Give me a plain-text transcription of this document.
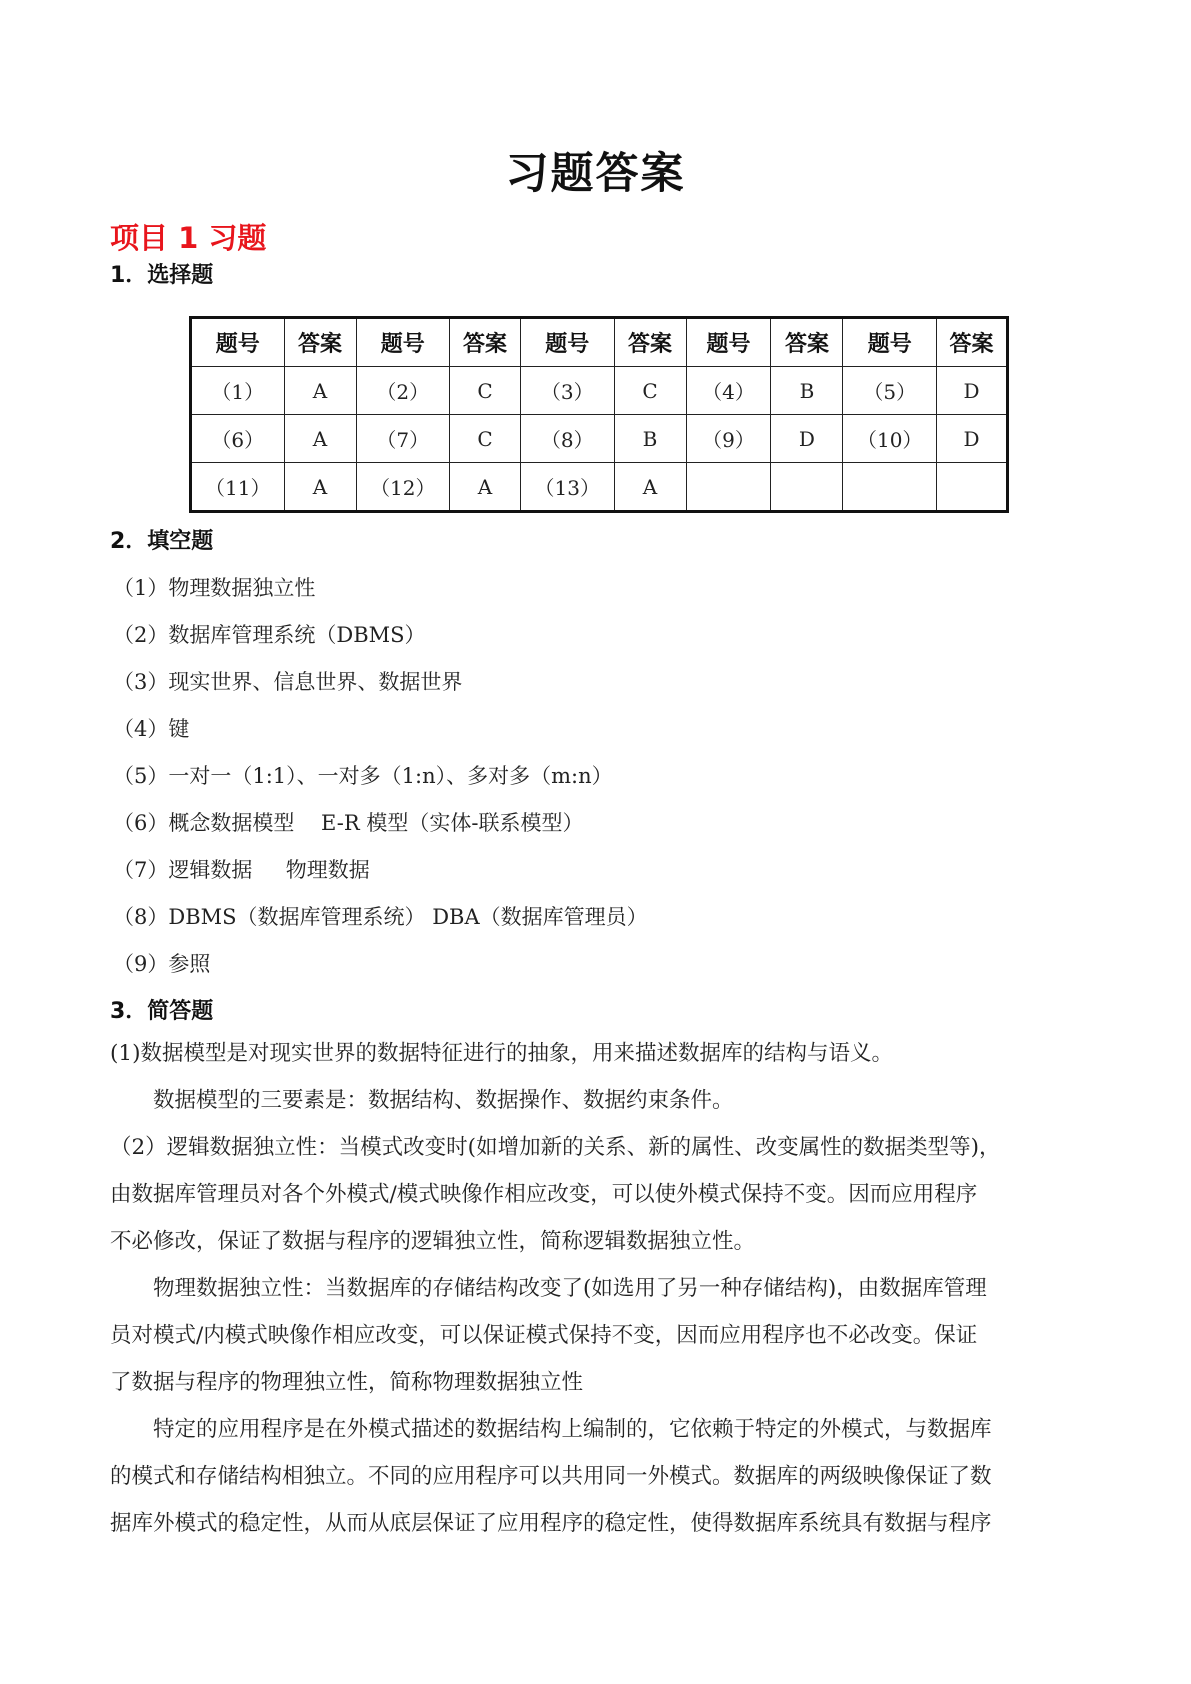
习题答案
项目 1 习题
1．选择题
题号	答案	题号	答案	题号	答案	题号	答案	题号	答案
（1）	A	（2）	C	（3）	C	（4）	B	（5）	D
（6）	A	（7）	C	（8）	B	（9）	D	（10）	D
（11）	A	（12）	A	（13）	A				
2．填空题
（1）物理数据独立性
（2）数据库管理系统（DBMS）
（3）现实世界、信息世界、数据世界
（4）键
（5）一对一（1:1）、一对多（1:n）、多对多（m:n）
（6）概念数据模型    E-R 模型（实体-联系模型）
（7）逻辑数据     物理数据
（8）DBMS（数据库管理系统） DBA（数据库管理员）
（9）参照
3．简答题
(1)数据模型是对现实世界的数据特征进行的抽象，用来描述数据库的结构与语义。
数据模型的三要素是：数据结构、数据操作、数据约束条件。
（2）逻辑数据独立性：当模式改变时(如增加新的关系、新的属性、改变属性的数据类型等)，
由数据库管理员对各个外模式/模式映像作相应改变，可以使外模式保持不变。因而应用程序
不必修改，保证了数据与程序的逻辑独立性，简称逻辑数据独立性。
物理数据独立性：当数据库的存储结构改变了(如选用了另一种存储结构)，由数据库管理
员对模式/内模式映像作相应改变，可以保证模式保持不变，因而应用程序也不必改变。保证
了数据与程序的物理独立性，简称物理数据独立性
特定的应用程序是在外模式描述的数据结构上编制的，它依赖于特定的外模式，与数据库
的模式和存储结构相独立。不同的应用程序可以共用同一外模式。数据库的两级映像保证了数
据库外模式的稳定性，从而从底层保证了应用程序的稳定性，使得数据库系统具有数据与程序
